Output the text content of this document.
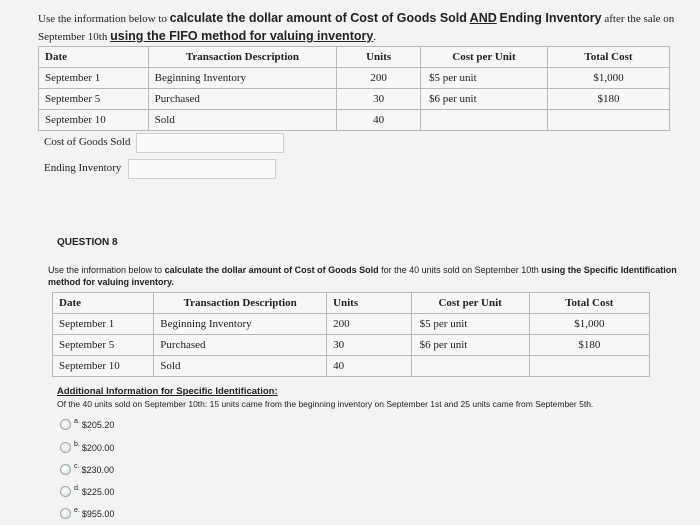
Use the information below to calculate the dollar amount of Cost of Goods Sold AND Ending Inventory after the sale on
September 10th using the FIFO method for valuing inventory.
Date	Transaction Description	Units	Cost per Unit	Total Cost
September 1	Beginning Inventory	200	$5 per unit	$1,000
September 5	Purchased	30	$6 per unit	$180
September 10	Sold	40		
Cost of Goods Sold
Ending Inventory
QUESTION 8
Use the information below to calculate the dollar amount of Cost of Goods Sold for the 40 units sold on September 10th using the Specific Identification method for valuing inventory.
Date	Transaction Description	Units	Cost per Unit	Total Cost
September 1	Beginning Inventory	200	$5 per unit	$1,000
September 5	Purchased	30	$6 per unit	$180
September 10	Sold	40		
Additional Information for Specific Identification:
Of the 40 units sold on September 10th: 15 units came from the beginning inventory on September 1st and 25 units came from September 5th.
a. $205.20
b. $200.00
c. $230.00
d. $225.00
e. $955.00
